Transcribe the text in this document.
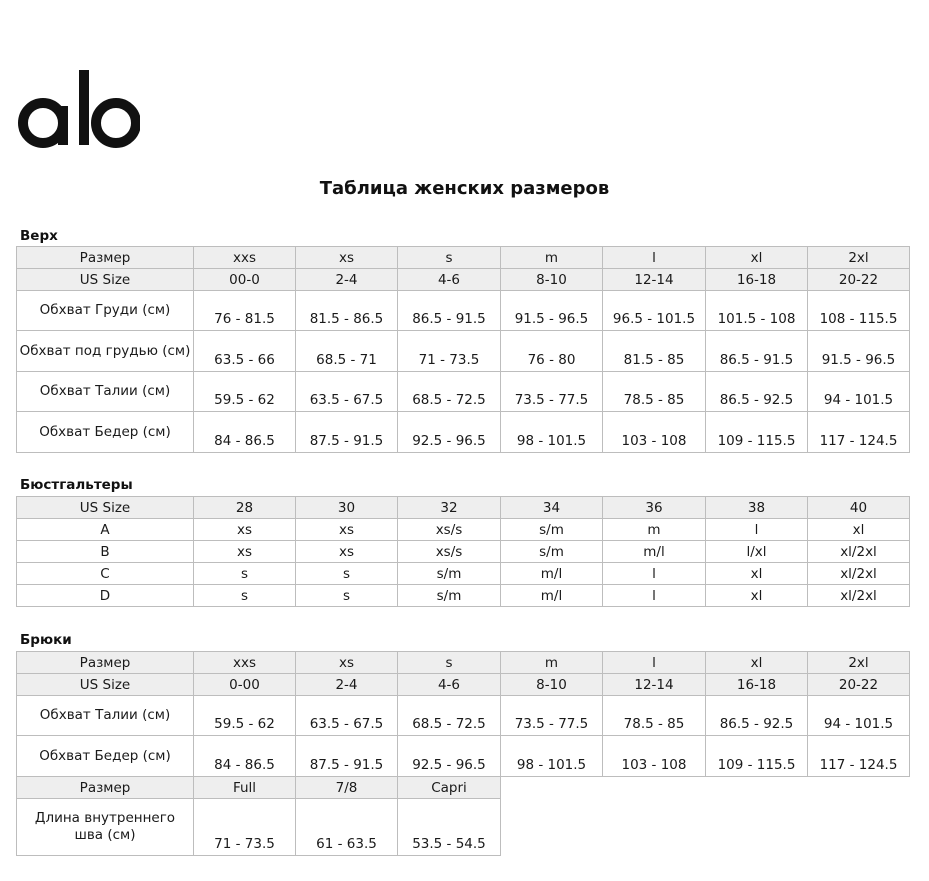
Таблица женских размеров
Верх
Размер	xxs	xs	s	m	l	xl	2xl
US Size	00-0	2-4	4-6	8-10	12-14	16-18	20-22
Обхват Груди (см)	76 - 81.5	81.5 - 86.5	86.5 - 91.5	91.5 - 96.5	96.5 - 101.5	101.5 - 108	108 - 115.5
Обхват под грудью (см)	63.5 - 66	68.5 - 71	71 - 73.5	76 - 80	81.5 - 85	86.5 - 91.5	91.5 - 96.5
Обхват Талии (см)	59.5 - 62	63.5 - 67.5	68.5 - 72.5	73.5 - 77.5	78.5 - 85	86.5 - 92.5	94 - 101.5
Обхват Бедер (см)	84 - 86.5	87.5 - 91.5	92.5 - 96.5	98 - 101.5	103 - 108	109 - 115.5	117 - 124.5
Бюстгальтеры
US Size	28	30	32	34	36	38	40
A	xs	xs	xs/s	s/m	m	l	xl
B	xs	xs	xs/s	s/m	m/l	l/xl	xl/2xl
C	s	s	s/m	m/l	l	xl	xl/2xl
D	s	s	s/m	m/l	l	xl	xl/2xl
Брюки
Размер	xxs	xs	s	m	l	xl	2xl
US Size	0-00	2-4	4-6	8-10	12-14	16-18	20-22
Обхват Талии (см)	59.5 - 62	63.5 - 67.5	68.5 - 72.5	73.5 - 77.5	78.5 - 85	86.5 - 92.5	94 - 101.5
Обхват Бедер (см)	84 - 86.5	87.5 - 91.5	92.5 - 96.5	98 - 101.5	103 - 108	109 - 115.5	117 - 124.5
Размер	Full	7/8	Capri				
Длина внутреннего шва (см)	71 - 73.5	61 - 63.5	53.5 - 54.5				
